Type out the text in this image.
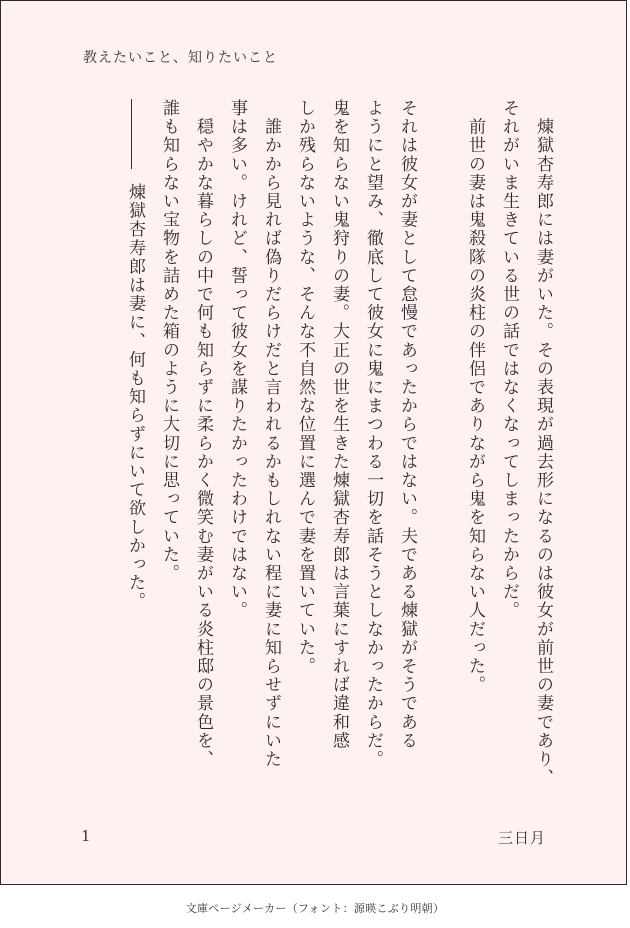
教えたいこと、知りたいこと

　煉獄杏寿郎には妻がいた。その表現が過去形になるのは彼女が前世の妻であり、

それがいま生きている世の話ではなくなってしまったからだ。

　前世の妻は鬼殺隊の炎柱の伴侶でありながら鬼を知らない人だった。

それは彼女が妻として怠慢であったからではない。夫である煉獄がそうである

ようにと望み、徹底して彼女に鬼にまつわる一切を話そうとしなかったからだ。

鬼を知らない鬼狩りの妻。大正の世を生きた煉獄杏寿郎は言葉にすれば違和感

しか残らないような、そんな不自然な位置に選んで妻を置いていた。

　誰かから見れば偽りだらけだと言われるかもしれない程に妻に知らせずにいた

事は多い。けれど、誓って彼女を謀りたかったわけではない。

　穏やかな暮らしの中で何も知らずに柔らかく微笑む妻がいる炎柱邸の景色を、

誰も知らない宝物を詰めた箱のように大切に思っていた。

煉獄杏寿郎は妻に、何も知らずにいて欲しかった。

1	三日月
文庫ページメーカー（フォント：源暎こぶり明朝）
